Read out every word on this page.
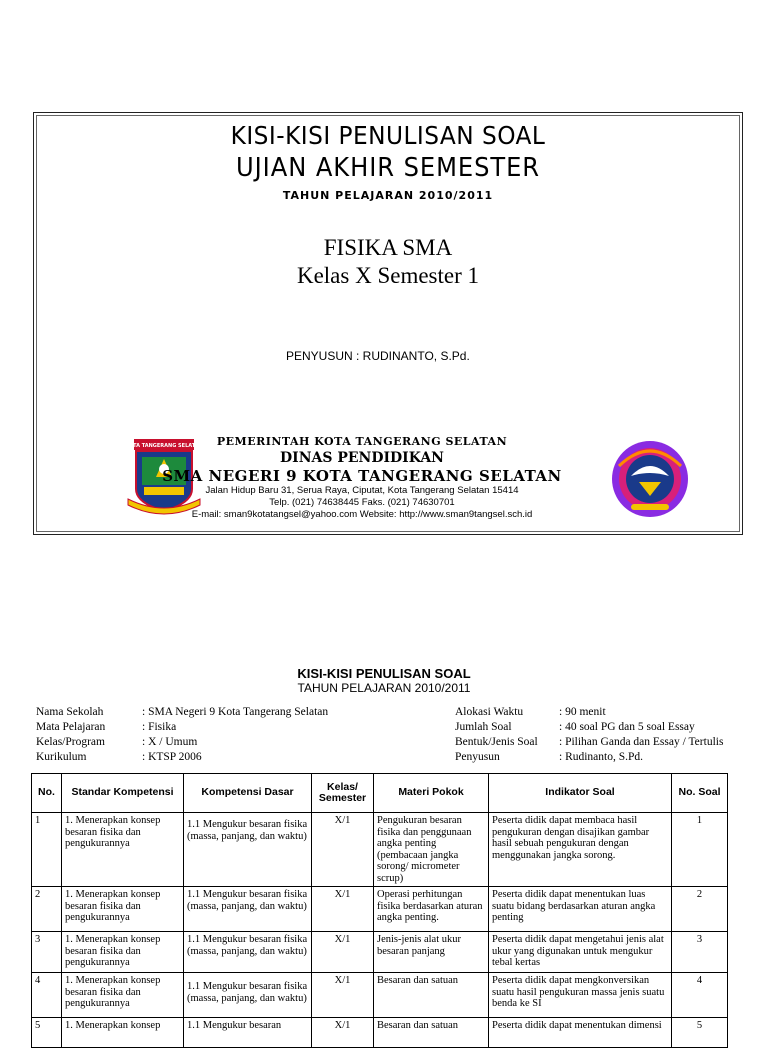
KISI-KISI PENULISAN SOAL
UJIAN AKHIR SEMESTER
TAHUN PELAJARAN 2010/2011
FISIKA SMA
Kelas X Semester 1
PENYUSUN : RUDINANTO, S.Pd.
KOTA TANGERANG SELATAN PEMERINTAH KOTA TANGERANG SELATAN
DINAS PENDIDIKAN
SMA NEGERI 9 KOTA TANGERANG SELATAN
Jalan Hidup Baru 31, Serua Raya, Ciputat, Kota Tangerang Selatan 15414
Telp. (021) 74638445 Faks. (021) 74630701
E-mail: sman9kotatangsel@yahoo.com Website: http://www.sman9tangsel.sch.id
KISI-KISI PENULISAN SOAL
TAHUN PELAJARAN 2010/2011
Nama Sekolah	: SMA Negeri 9 Kota Tangerang Selatan
Mata Pelajaran	: Fisika
Kelas/Program	: X / Umum
Kurikulum	: KTSP 2006
Alokasi Waktu	: 90 menit
Jumlah Soal	: 40 soal PG dan 5 soal Essay
Bentuk/Jenis Soal : Pilihan Ganda dan Essay / Tertulis
Penyusun	: Rudinanto, S.Pd.
No.	Standar Kompetensi	Kompetensi Dasar	Kelas/ Semester	Materi Pokok	Indikator Soal	No. Soal
1	1. Menerapkan konsep besaran fisika dan pengukurannya	1.1 Mengukur besaran fisika (massa, panjang, dan waktu)	X/1	Pengukuran besaran fisika dan penggunaan angka penting (pembacaan jangka sorong/ micrometer scrup)	Peserta didik dapat membaca hasil pengukuran dengan disajikan gambar hasil sebuah pengukuran dengan menggunakan jangka sorong.	1
2	1. Menerapkan konsep besaran fisika dan pengukurannya	1.1 Mengukur besaran fisika (massa, panjang, dan waktu)	X/1	Operasi perhitungan fisika berdasarkan aturan angka penting.	Peserta didik dapat menentukan luas suatu bidang berdasarkan aturan angka penting	2
3	1. Menerapkan konsep besaran fisika dan pengukurannya	1.1 Mengukur besaran fisika (massa, panjang, dan waktu)	X/1	Jenis-jenis alat ukur besaran panjang	Peserta didik dapat mengetahui jenis alat ukur yang digunakan untuk mengukur tebal kertas	3
4	1. Menerapkan konsep besaran fisika dan pengukurannya	1.1 Mengukur besaran fisika (massa, panjang, dan waktu)	X/1	Besaran dan satuan	Peserta didik dapat mengkonversikan suatu hasil pengukuran massa jenis suatu benda ke SI	4
5	1. Menerapkan konsep	1.1 Mengukur besaran	X/1	Besaran dan satuan	Peserta didik dapat menentukan dimensi	5
